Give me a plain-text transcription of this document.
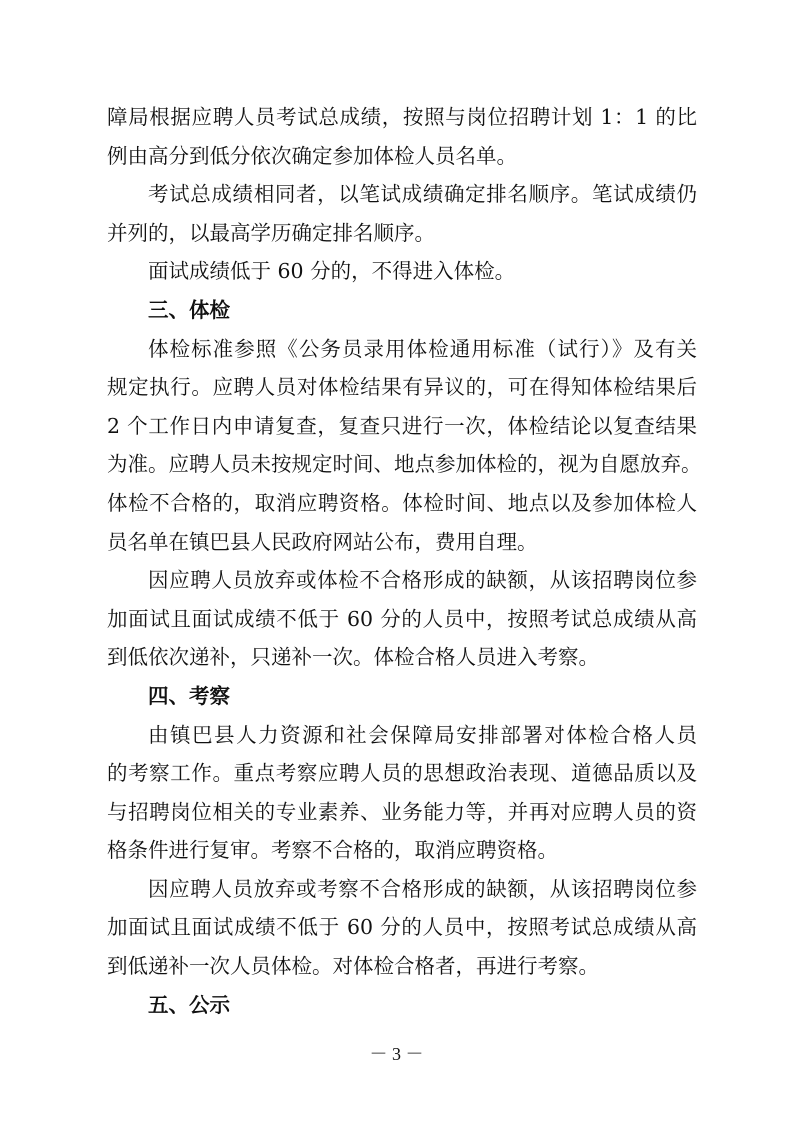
障局根据应聘人员考试总成绩，按照与岗位招聘计划 1：1 的比
例由高分到低分依次确定参加体检人员名单。
考试总成绩相同者，以笔试成绩确定排名顺序。笔试成绩仍
并列的，以最高学历确定排名顺序。
面试成绩低于 60 分的，不得进入体检。
三、体检
体检标准参照《公务员录用体检通用标准（试行）》及有关
规定执行。应聘人员对体检结果有异议的，可在得知体检结果后
2 个工作日内申请复查，复查只进行一次，体检结论以复查结果
为准。应聘人员未按规定时间、地点参加体检的，视为自愿放弃。
体检不合格的，取消应聘资格。体检时间、地点以及参加体检人
员名单在镇巴县人民政府网站公布，费用自理。
因应聘人员放弃或体检不合格形成的缺额，从该招聘岗位参
加面试且面试成绩不低于 60 分的人员中，按照考试总成绩从高
到低依次递补，只递补一次。体检合格人员进入考察。
四、考察
由镇巴县人力资源和社会保障局安排部署对体检合格人员
的考察工作。重点考察应聘人员的思想政治表现、道德品质以及
与招聘岗位相关的专业素养、业务能力等，并再对应聘人员的资
格条件进行复审。考察不合格的，取消应聘资格。
因应聘人员放弃或考察不合格形成的缺额，从该招聘岗位参
加面试且面试成绩不低于 60 分的人员中，按照考试总成绩从高
到低递补一次人员体检。对体检合格者，再进行考察。
五、公示
－ 3 －
